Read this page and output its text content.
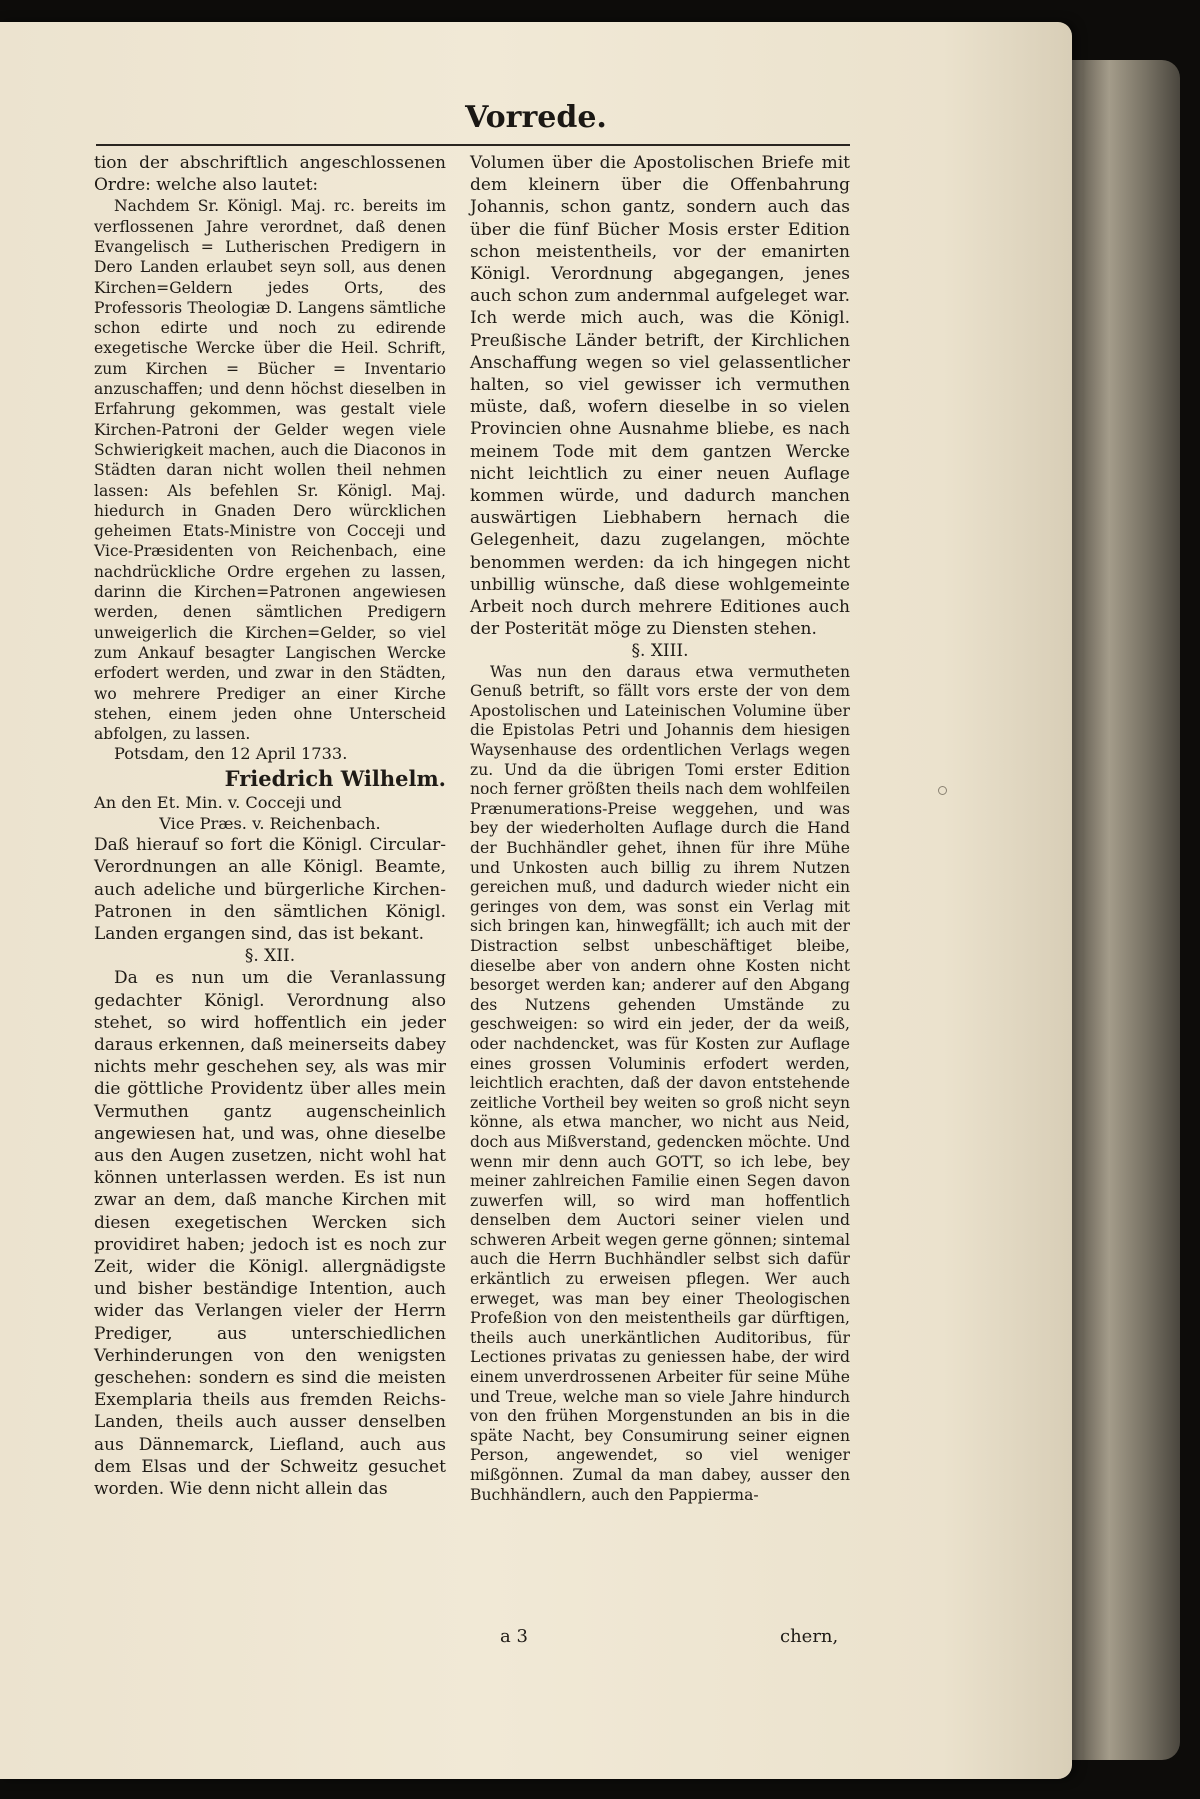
Vorrede.

tion der abschriftlich angeschlossenen Ordre: welche also lautet:

Nachdem Sr. Königl. Maj. rc. bereits im verflossenen Jahre verordnet, daß denen Evangelisch = Lutherischen Predigern in Dero Landen erlaubet seyn soll, aus denen Kirchen=Geldern jedes Orts, des Professoris Theologiæ D. Langens sämtliche schon edirte und noch zu edirende exegetische Wercke über die Heil. Schrift, zum Kirchen = Bücher = Inventario anzuschaffen; und denn höchst dieselben in Erfahrung gekommen, was gestalt viele Kirchen-Patroni der Gelder wegen viele Schwierigkeit machen, auch die Diaconos in Städten daran nicht wollen theil nehmen lassen: Als befehlen Sr. Königl. Maj. hiedurch in Gnaden Dero würcklichen geheimen Etats-Ministre von Cocceji und Vice-Præsidenten von Reichenbach, eine nachdrückliche Ordre ergehen zu lassen, darinn die Kirchen=Patronen angewiesen werden, denen sämtlichen Predigern unweigerlich die Kirchen=Gelder, so viel zum Ankauf besagter Langischen Wercke erfodert werden, und zwar in den Städten, wo mehrere Prediger an einer Kirche stehen, einem jeden ohne Unterscheid abfolgen, zu lassen.

Potsdam, den 12 April 1733.

Friedrich Wilhelm.

An den Et. Min. v. Cocceji und

Vice Præs. v. Reichenbach.

Daß hierauf so fort die Königl. Circular-Verordnungen an alle Königl. Beamte, auch adeliche und bürgerliche Kirchen-Patronen in den sämtlichen Königl. Landen ergangen sind, das ist bekant.

§. XII.

Da es nun um die Veranlassung gedachter Königl. Verordnung also stehet, so wird hoffentlich ein jeder daraus erkennen, daß meinerseits dabey nichts mehr geschehen sey, als was mir die göttliche Providentz über alles mein Vermuthen gantz augenscheinlich angewiesen hat, und was, ohne dieselbe aus den Augen zusetzen, nicht wohl hat können unterlassen werden. Es ist nun zwar an dem, daß manche Kirchen mit diesen exegetischen Wercken sich providiret haben; jedoch ist es noch zur Zeit, wider die Königl. allergnädigste und bisher beständige Intention, auch wider das Verlangen vieler der Herrn Prediger, aus unterschiedlichen Verhinderungen von den wenigsten geschehen: sondern es sind die meisten Exemplaria theils aus fremden Reichs-Landen, theils auch ausser denselben aus Dännemarck, Liefland, auch aus dem Elsas und der Schweitz gesuchet worden. Wie denn nicht allein das

Volumen über die Apostolischen Briefe mit dem kleinern über die Offenbahrung Johannis, schon gantz, sondern auch das über die fünf Bücher Mosis erster Edition schon meistentheils, vor der emanirten Königl. Verordnung abgegangen, jenes auch schon zum andernmal aufgeleget war. Ich werde mich auch, was die Königl. Preußische Länder betrift, der Kirchlichen Anschaffung wegen so viel gelassentlicher halten, so viel gewisser ich vermuthen müste, daß, wofern dieselbe in so vielen Provincien ohne Ausnahme bliebe, es nach meinem Tode mit dem gantzen Wercke nicht leichtlich zu einer neuen Auflage kommen würde, und dadurch manchen auswärtigen Liebhabern hernach die Gelegenheit, dazu zugelangen, möchte benommen werden: da ich hingegen nicht unbillig wünsche, daß diese wohlgemeinte Arbeit noch durch mehrere Editiones auch der Posterität möge zu Diensten stehen.

§. XIII.

Was nun den daraus etwa vermutheten Genuß betrift, so fällt vors erste der von dem Apostolischen und Lateinischen Volumine über die Epistolas Petri und Johannis dem hiesigen Waysenhause des ordentlichen Verlags wegen zu. Und da die übrigen Tomi erster Edition noch ferner größten theils nach dem wohlfeilen Prænumerations-Preise weggehen, und was bey der wiederholten Auflage durch die Hand der Buchhändler gehet, ihnen für ihre Mühe und Unkosten auch billig zu ihrem Nutzen gereichen muß, und dadurch wieder nicht ein geringes von dem, was sonst ein Verlag mit sich bringen kan, hinwegfällt; ich auch mit der Distraction selbst unbeschäftiget bleibe, dieselbe aber von andern ohne Kosten nicht besorget werden kan; anderer auf den Abgang des Nutzens gehenden Umstände zu geschweigen: so wird ein jeder, der da weiß, oder nachdencket, was für Kosten zur Auflage eines grossen Voluminis erfodert werden, leichtlich erachten, daß der davon entstehende zeitliche Vortheil bey weiten so groß nicht seyn könne, als etwa mancher, wo nicht aus Neid, doch aus Mißverstand, gedencken möchte. Und wenn mir denn auch GOTT, so ich lebe, bey meiner zahlreichen Familie einen Segen davon zuwerfen will, so wird man hoffentlich denselben dem Auctori seiner vielen und schweren Arbeit wegen gerne gönnen; sintemal auch die Herrn Buchhändler selbst sich dafür erkäntlich zu erweisen pflegen. Wer auch erweget, was man bey einer Theologischen Profeßion von den meistentheils gar dürftigen, theils auch unerkäntlichen Auditoribus, für Lectiones privatas zu geniessen habe, der wird einem unverdrossenen Arbeiter für seine Mühe und Treue, welche man so viele Jahre hindurch von den frühen Morgenstunden an bis in die späte Nacht, bey Consumirung seiner eignen Person, angewendet, so viel weniger mißgönnen. Zumal da man dabey, ausser den Buchhändlern, auch den Pappierma-

a 3	chern,
